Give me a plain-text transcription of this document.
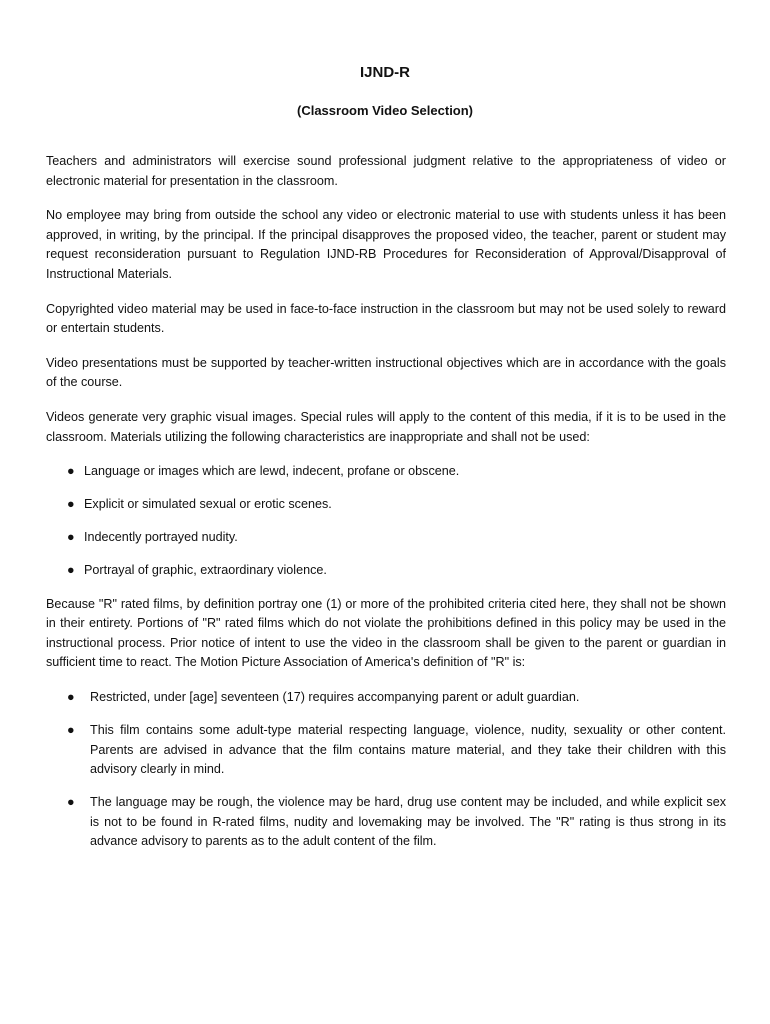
IJND-R
(Classroom Video Selection)

Teachers and administrators will exercise sound professional judgment relative to the appropriateness of video or electronic material for presentation in the classroom.

No employee may bring from outside the school any video or electronic material to use with students unless it has been approved, in writing, by the principal. If the principal disapproves the proposed video, the teacher, parent or student may request reconsideration pursuant to Regulation IJND-RB Procedures for Reconsideration of Approval/Disapproval of Instructional Materials.

Copyrighted video material may be used in face-to-face instruction in the classroom but may not be used solely to reward or entertain students.

Video presentations must be supported by teacher-written instructional objectives which are in accordance with the goals of the course.

Videos generate very graphic visual images. Special rules will apply to the content of this media, if it is to be used in the classroom. Materials utilizing the following characteristics are inappropriate and shall not be used:

● Language or images which are lewd, indecent, profane or obscene.
● Explicit or simulated sexual or erotic scenes.
● Indecently portrayed nudity.
● Portrayal of graphic, extraordinary violence.

Because "R" rated films, by definition portray one (1) or more of the prohibited criteria cited here, they shall not be shown in their entirety. Portions of "R" rated films which do not violate the prohibitions defined in this policy may be used in the instructional process. Prior notice of intent to use the video in the classroom shall be given to the parent or guardian in sufficient time to react. The Motion Picture Association of America's definition of "R" is:

● Restricted, under [age] seventeen (17) requires accompanying parent or adult guardian.
● This film contains some adult-type material respecting language, violence, nudity, sexuality or other content. Parents are advised in advance that the film contains mature material, and they take their children with this advisory clearly in mind.
● The language may be rough, the violence may be hard, drug use content may be included, and while explicit sex is not to be found in R-rated films, nudity and lovemaking may be involved. The "R" rating is thus strong in its advance advisory to parents as to the adult content of the film.
